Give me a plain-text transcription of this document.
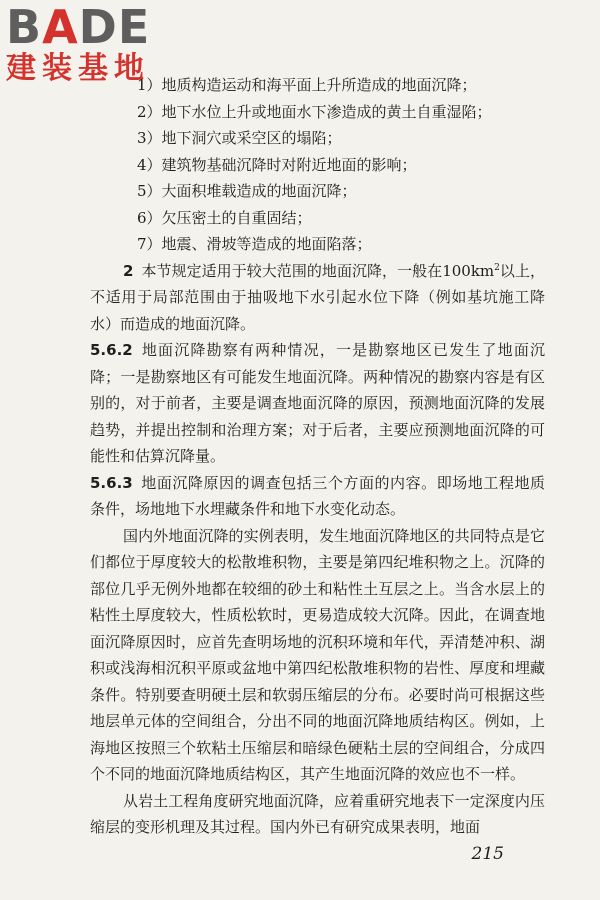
BADE
建装基地

1）地质构造运动和海平面上升所造成的地面沉降；

2）地下水位上升或地面水下渗造成的黄土自重湿陷；

3）地下洞穴或采空区的塌陷；

4）建筑物基础沉降时对附近地面的影响；

5）大面积堆载造成的地面沉降；

6）欠压密土的自重固结；

7）地震、滑坡等造成的地面陷落；

2 本节规定适用于较大范围的地面沉降，一般在$100km^2$以上，不适用于局部范围由于抽吸地下水引起水位下降（例如基坑施工降水）而造成的地面沉降。

5.6.2 地面沉降勘察有两种情况，一是勘察地区已发生了地面沉降；一是勘察地区有可能发生地面沉降。两种情况的勘察内容是有区别的，对于前者，主要是调查地面沉降的原因，预测地面沉降的发展趋势，并提出控制和治理方案；对于后者，主要应预测地面沉降的可能性和估算沉降量。

5.6.3 地面沉降原因的调查包括三个方面的内容。即场地工程地质条件，场地地下水埋藏条件和地下水变化动态。

国内外地面沉降的实例表明，发生地面沉降地区的共同特点是它们都位于厚度较大的松散堆积物，主要是第四纪堆积物之上。沉降的部位几乎无例外地都在较细的砂土和粘性土互层之上。当含水层上的粘性土厚度较大，性质松软时，更易造成较大沉降。因此，在调查地面沉降原因时，应首先查明场地的沉积环境和年代，弄清楚冲积、湖积或浅海相沉积平原或盆地中第四纪松散堆积物的岩性、厚度和埋藏条件。特别要查明硬土层和软弱压缩层的分布。必要时尚可根据这些地层单元体的空间组合，分出不同的地面沉降地质结构区。例如，上海地区按照三个软粘土压缩层和暗绿色硬粘土层的空间组合，分成四个不同的地面沉降地质结构区，其产生地面沉降的效应也不一样。

从岩土工程角度研究地面沉降，应着重研究地表下一定深度内压缩层的变形机理及其过程。国内外已有研究成果表明，地面

215
